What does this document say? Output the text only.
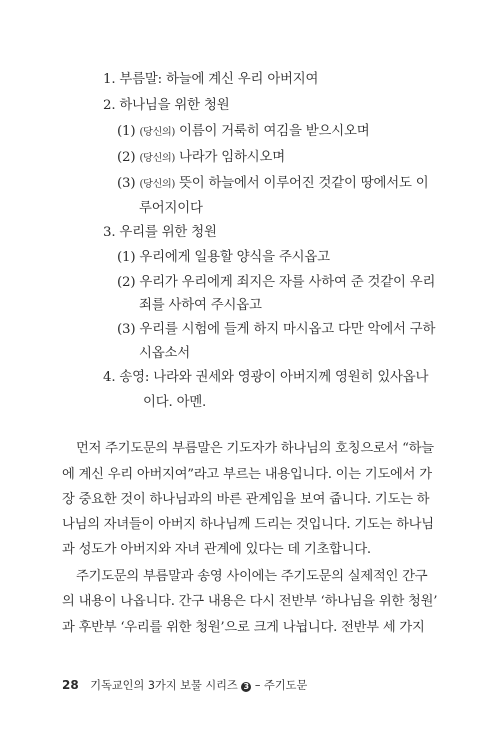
1. 부름말: 하늘에 계신 우리 아버지여
2. 하나님을 위한 청원
(1) (당신의) 이름이 거룩히 여김을 받으시오며
(2) (당신의) 나라가 임하시오며
(3) (당신의) 뜻이 하늘에서 이루어진 것같이 땅에서도 이
루어지이다
3. 우리를 위한 청원
(1) 우리에게 일용할 양식을 주시옵고
(2) 우리가 우리에게 죄지은 자를 사하여 준 것같이 우리
죄를 사하여 주시옵고
(3) 우리를 시험에 들게 하지 마시옵고 다만 악에서 구하
시옵소서
4. 송영: 나라와 권세와 영광이 아버지께 영원히 있사옵나
이다. 아멘.
먼저 주기도문의 부름말은 기도자가 하나님의 호칭으로서 “하늘
에 계신 우리 아버지여”라고 부르는 내용입니다. 이는 기도에서 가
장 중요한 것이 하나님과의 바른 관계임을 보여 줍니다. 기도는 하
나님의 자녀들이 아버지 하나님께 드리는 것입니다. 기도는 하나님
과 성도가 아버지와 자녀 관계에 있다는 데 기초합니다.
주기도문의 부름말과 송영 사이에는 주기도문의 실제적인 간구
의 내용이 나옵니다. 간구 내용은 다시 전반부 ‘하나님을 위한 청원’
과 후반부 ‘우리를 위한 청원’으로 크게 나뉩니다. 전반부 세 가지
28 기독교인의 3가지 보물 시리즈 3 – 주기도문
